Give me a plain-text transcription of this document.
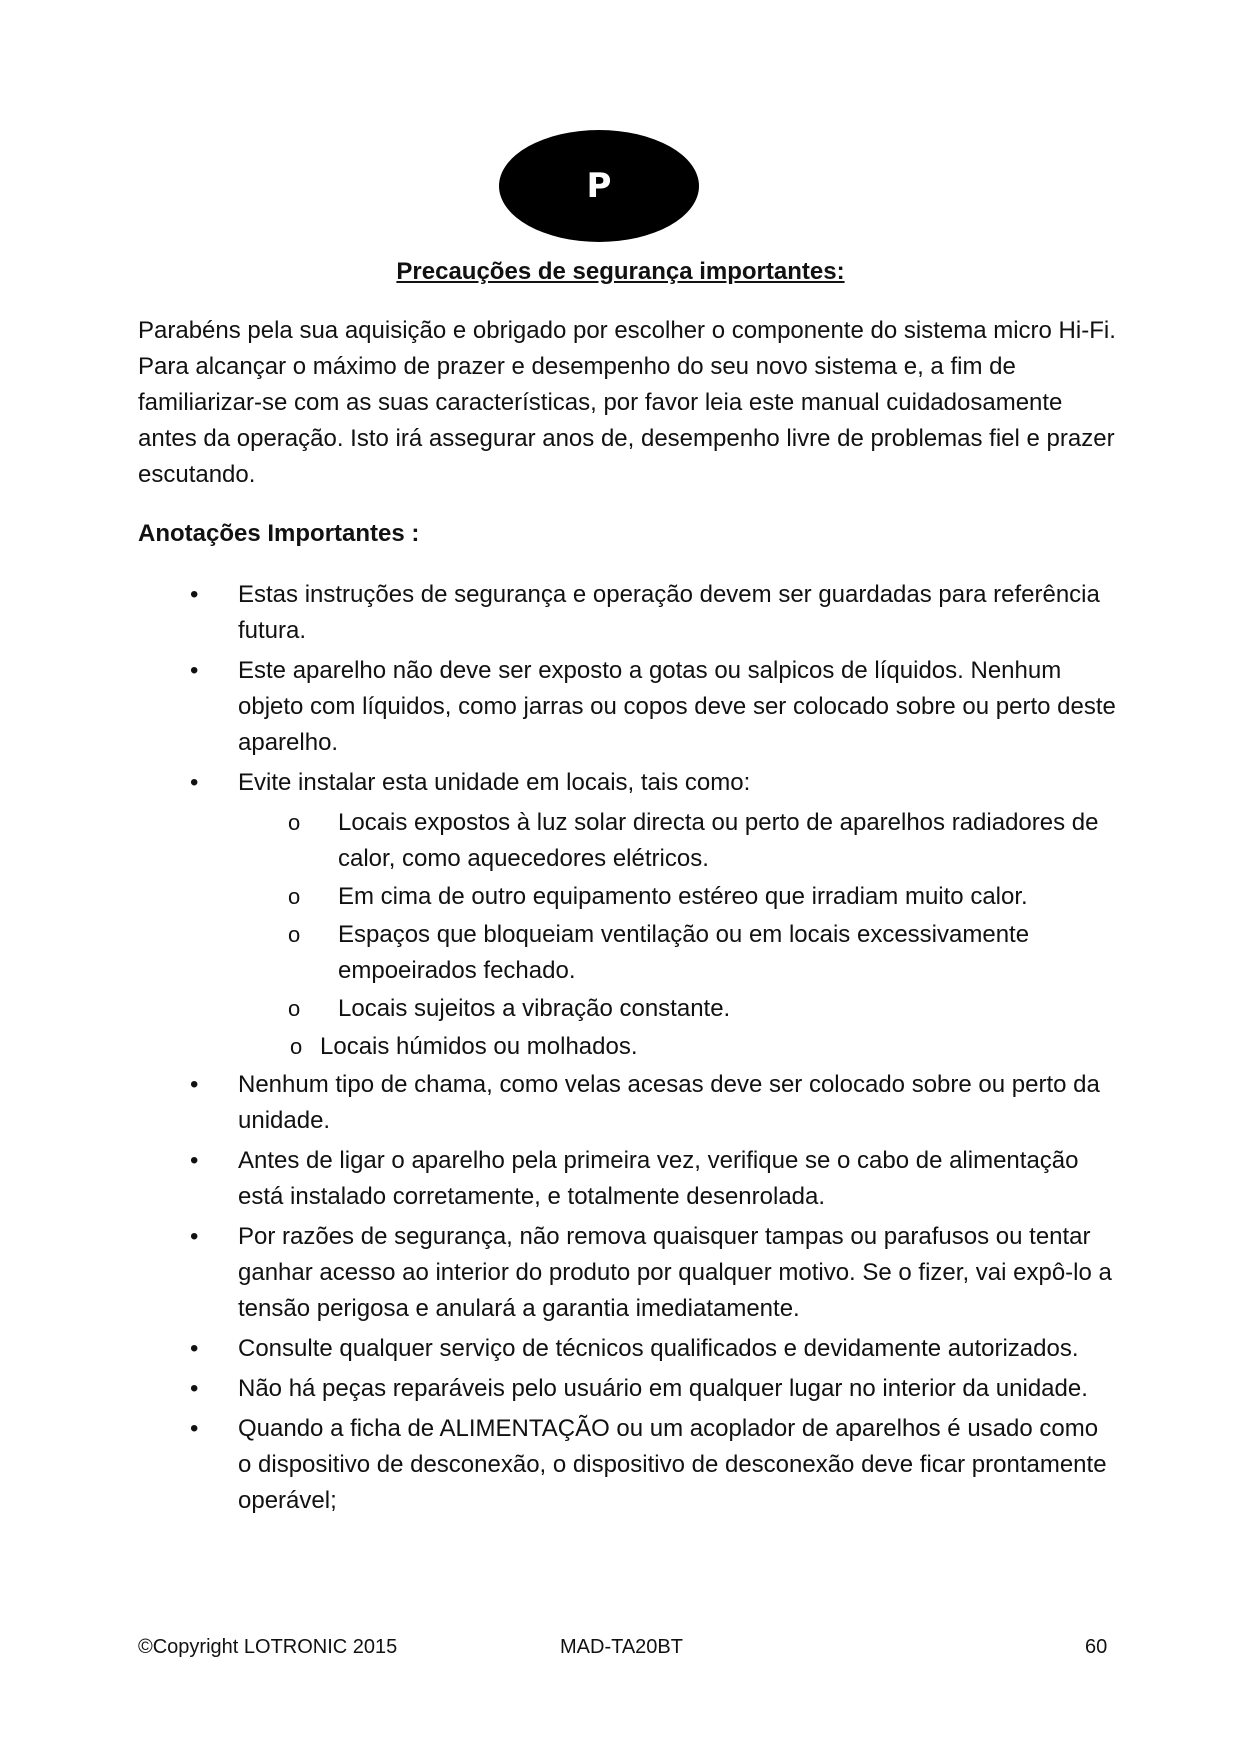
P
Precauções de segurança importantes:

Parabéns pela sua aquisição e obrigado por escolher o componente do sistema micro Hi-Fi. Para alcançar o máximo de prazer e desempenho do seu novo sistema e, a fim de familiarizar-se com as suas características, por favor leia este manual cuidadosamente antes da operação. Isto irá assegurar anos de, desempenho livre de problemas fiel e prazer escutando.

Anotações Importantes :

• Estas instruções de segurança e operação devem ser guardadas para referência futura.
• Este aparelho não deve ser exposto a gotas ou salpicos de líquidos. Nenhum objeto com líquidos, como jarras ou copos deve ser colocado sobre ou perto deste aparelho.
• Evite instalar esta unidade em locais, tais como:
o Locais expostos à luz solar directa ou perto de aparelhos radiadores de calor, como aquecedores elétricos.
o Em cima de outro equipamento estéreo que irradiam muito calor.
o Espaços que bloqueiam ventilação ou em locais excessivamente empoeirados fechado.
o Locais sujeitos a vibração constante.
o Locais húmidos ou molhados.
• Nenhum tipo de chama, como velas acesas deve ser colocado sobre ou perto da unidade.
• Antes de ligar o aparelho pela primeira vez, verifique se o cabo de alimentação está instalado corretamente, e totalmente desenrolada.
• Por razões de segurança, não remova quaisquer tampas ou parafusos ou tentar ganhar acesso ao interior do produto por qualquer motivo. Se o fizer, vai expô-lo a tensão perigosa e anulará a garantia imediatamente.
• Consulte qualquer serviço de técnicos qualificados e devidamente autorizados.
• Não há peças reparáveis pelo usuário em qualquer lugar no interior da unidade.
• Quando a ficha de ALIMENTAÇÃO ou um acoplador de aparelhos é usado como o dispositivo de desconexão, o dispositivo de desconexão deve ficar prontamente operável;
©Copyright LOTRONIC 2015	MAD-TA20BT	60
